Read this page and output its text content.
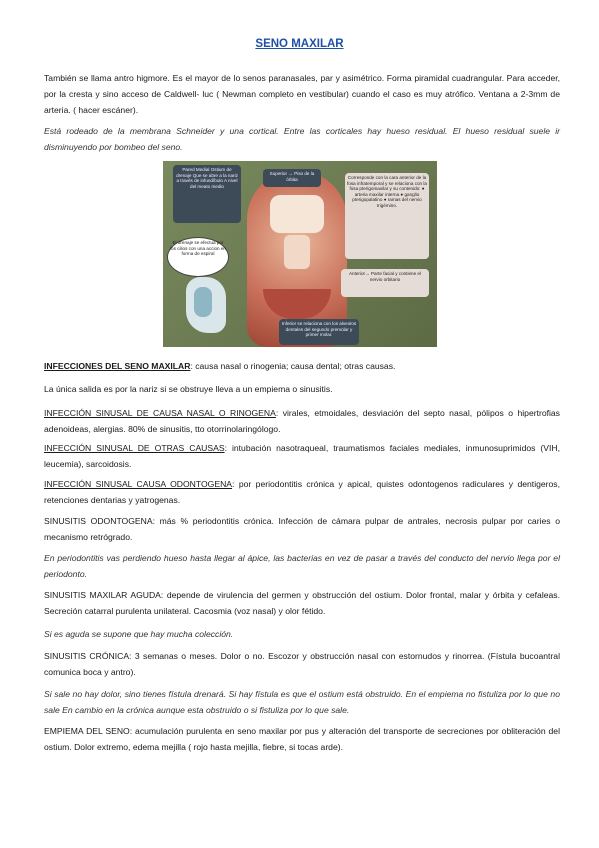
SENO MAXILAR

También se llama antro higmore. Es el mayor de lo senos paranasales, par y asimétrico. Forma piramidal cuadrangular. Para acceder, por la cresta y sino acceso de Caldwell- luc ( Newman completo en vestibular) cuando el caso es muy atrófico. Ventana a 2-3mm de arteria. ( hacer escáner).

Está rodeado de la membrana Schneider y una cortical. Entre las corticales hay hueso residual. El hueso residual suele ir disminuyendo por bombeo del seno.

Pared Medial Ostium de drenaje Que se abre a la nariz a través de infundíbulo A nivel del meato medio
Superior → Piso de la órbita	Corresponde con la cara anterior de la fosa infratemporal y se relaciona con la fosa pterigomaxilar y su contenido: ● arteria maxilar interna ● ganglio pterigopalatino ● ramas del nervio trigémino.
El drenaje se efectua por los cilios con una accion en forma de espiral
Anterior→ Parte facial y contiene el nervio orbitario
Inferior se relaciona con los alveolos dentales del segundo premolar y primer molar.

INFECCIONES DEL SENO MAXILAR: causa nasal o rinogenia; causa dental; otras causas.

La única salida es por la nariz si se obstruye lleva a un empiema o sinusitis.

INFECCIÓN SINUSAL DE CAUSA NASAL O RINOGENA: virales, etmoidales, desviación del septo nasal, pólipos o hipertrofias adenoideas, alergias. 80% de sinusitis, tto otorrinolaringólogo.

INFECCIÓN SINUSAL DE OTRAS CAUSAS: intubación nasotraqueal, traumatismos faciales mediales, inmunosuprimidos (VIH, leucemia), sarcoidosis.

INFECCIÓN SINUSAL CAUSA ODONTOGENA: por periodontitis crónica y apical, quistes odontogenos radiculares y dentigeros, retenciones dentarias y yatrogenas.

SINUSITIS ODONTOGENA: más % periodontitis crónica. Infección de cámara pulpar de antrales, necrosis pulpar por caries o mecanismo retrógrado.

En periodontitis vas perdiendo hueso hasta llegar al ápice, las bacterias en vez de pasar a través del conducto del nervio llega por el periodonto.

SINUSITIS MAXILAR AGUDA: depende de virulencia del germen y obstrucción del ostium. Dolor frontal, malar y órbita y cefaleas. Secreción catarral purulenta unilateral. Cacosmia (voz nasal) y olor fétido.

Si es aguda se supone que hay mucha colección.

SINUSITIS CRÓNICA: 3 semanas o meses. Dolor o no. Escozor y obstrucción nasal con estornudos y rinorrea. (Fístula bucoantral comunica boca y antro).

Si sale no hay dolor, sino tienes fístula drenará. Si hay fístula es que el ostium está obstruido. En el empiema no fistuliza por lo que no sale En cambio en la crónica aunque esta obstruido o si fistuliza por lo que sale.

EMPIEMA DEL SENO: acumulación purulenta en seno maxilar por pus y alteración del transporte de secreciones por obliteración del ostium. Dolor extremo, edema mejilla ( rojo hasta mejilla, fiebre, si tocas arde).
